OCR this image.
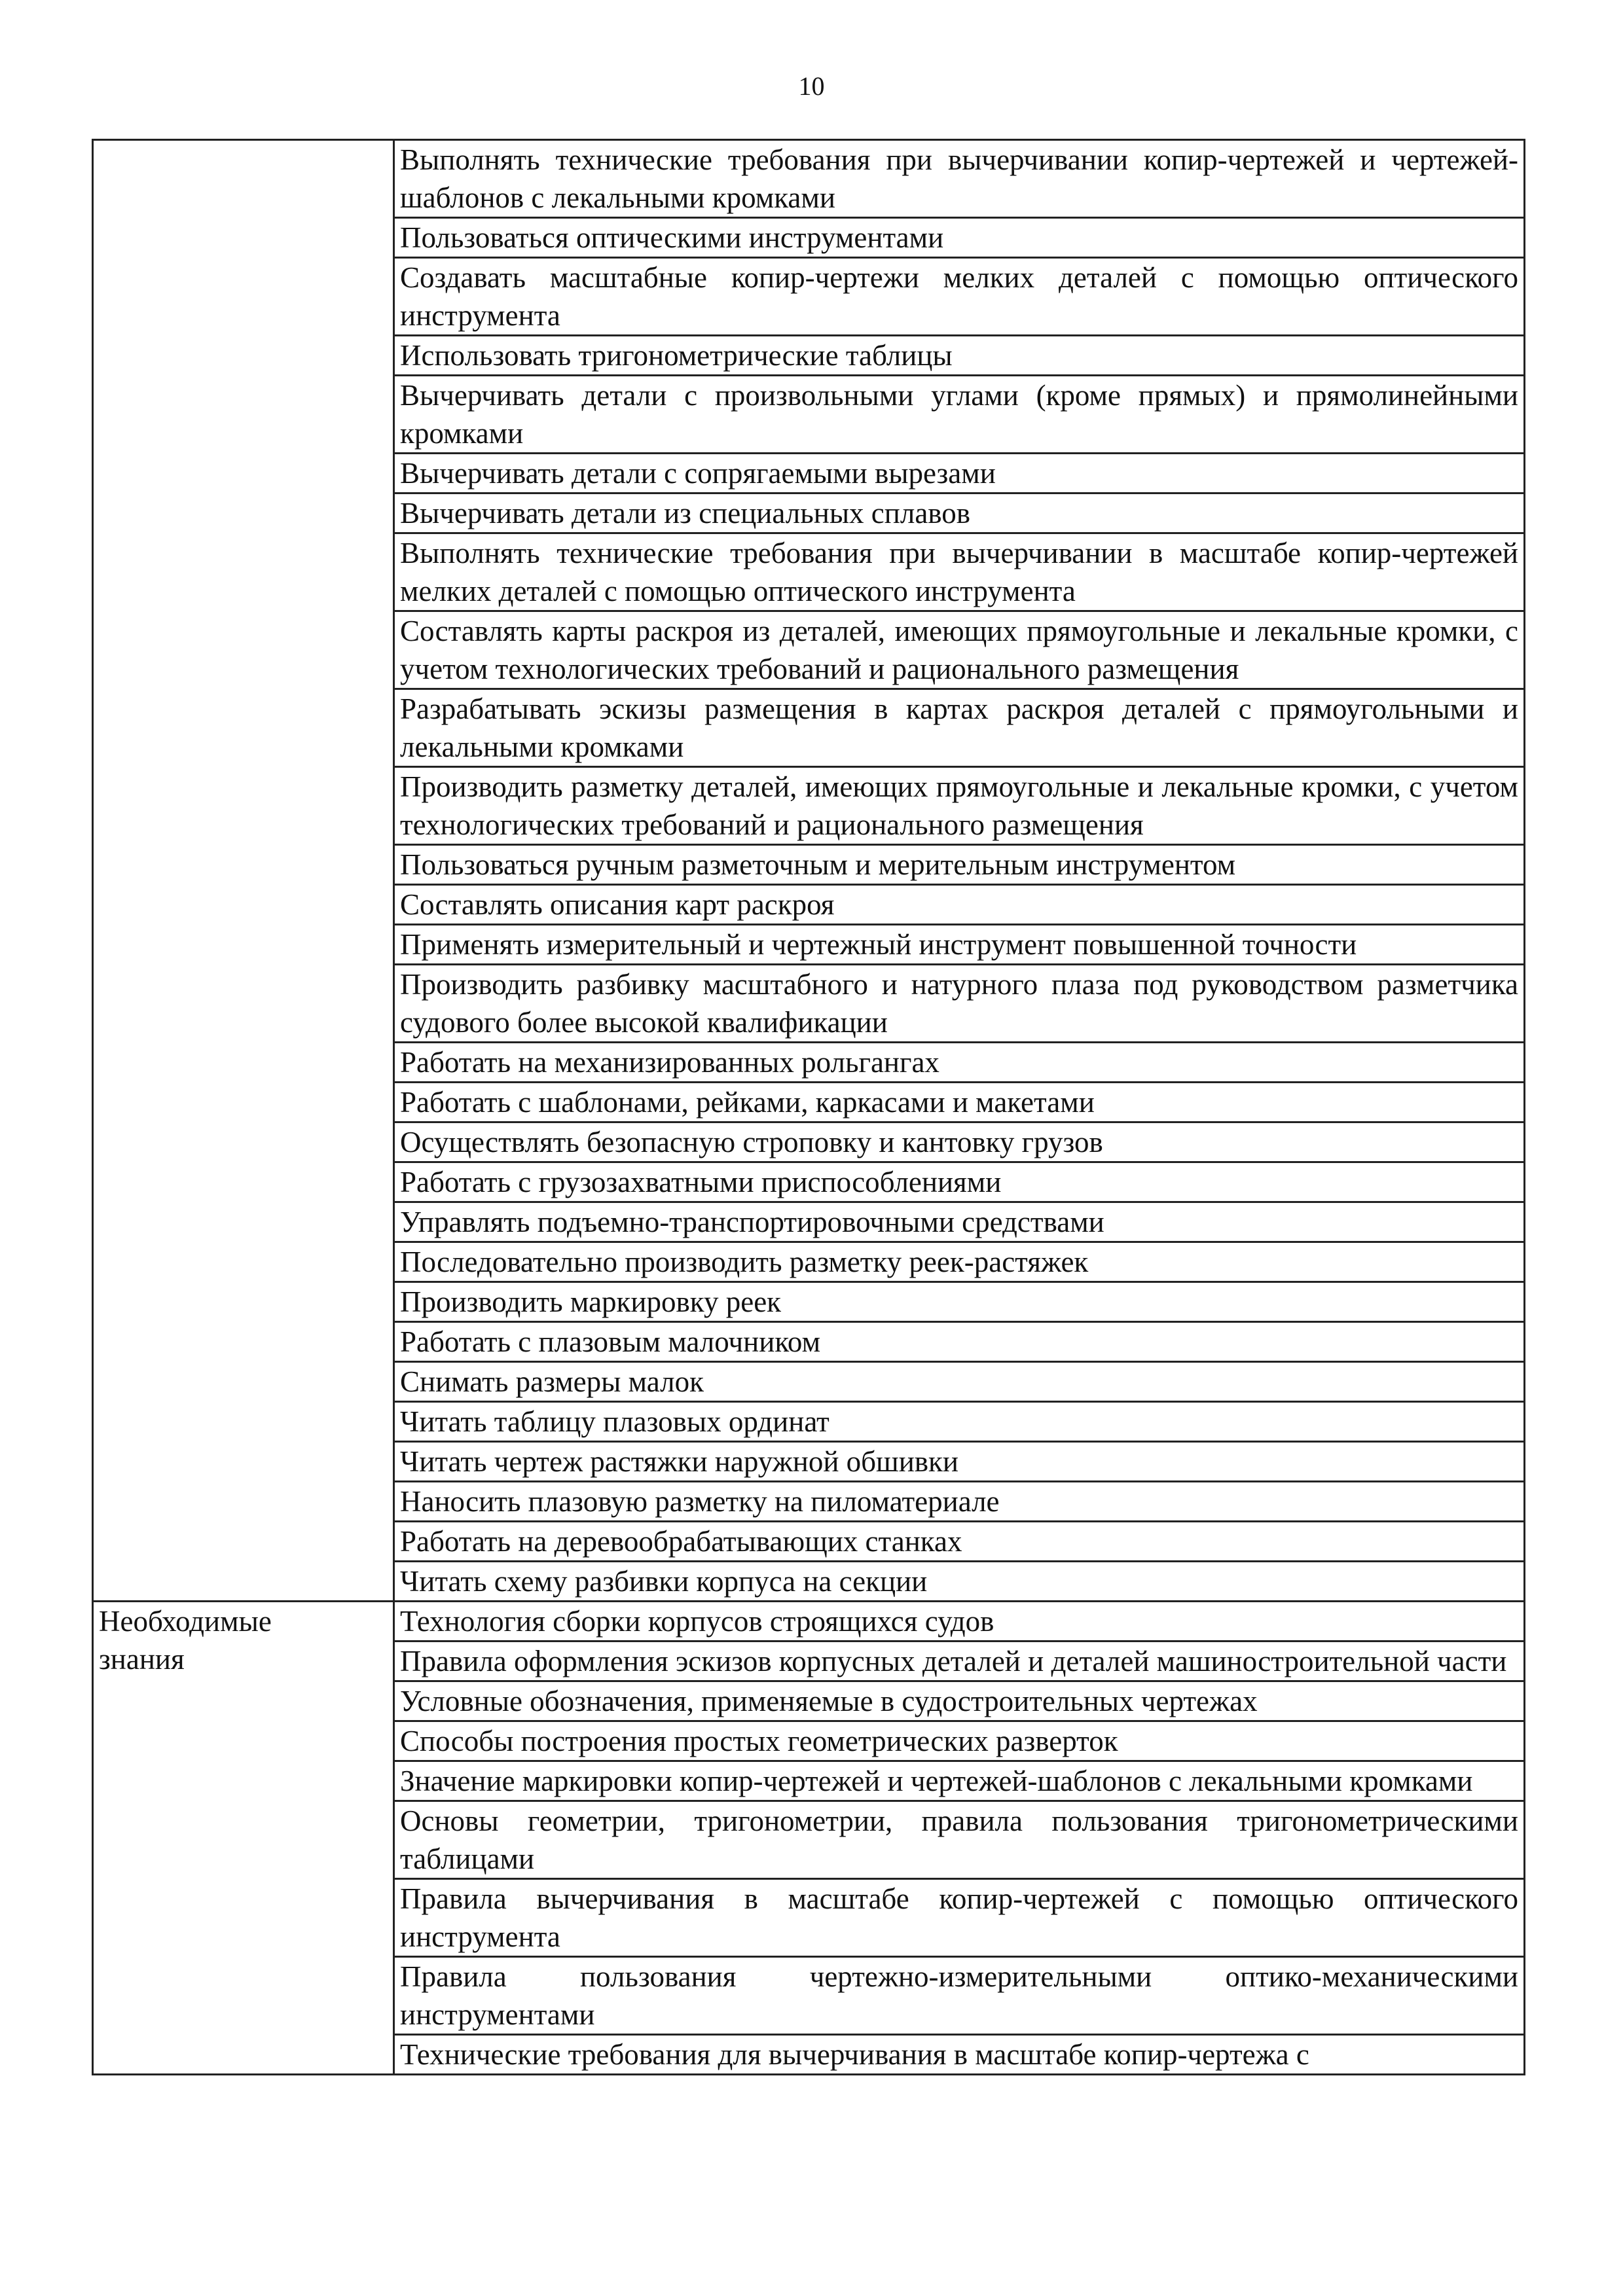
10
	Выполнять технические требования при вычерчивании копир-чертежей и чертежей-шаблонов с лекальными кромками
	Пользоваться оптическими инструментами
	Создавать масштабные копир-чертежи мелких деталей с помощью оптического инструмента
	Использовать тригонометрические таблицы
	Вычерчивать детали с произвольными углами (кроме прямых) и прямолинейными кромками
	Вычерчивать детали с сопрягаемыми вырезами
	Вычерчивать детали из специальных сплавов
	Выполнять технические требования при вычерчивании в масштабе копир-чертежей мелких деталей с помощью оптического инструмента
	Составлять карты раскроя из деталей, имеющих прямоугольные и лекальные кромки, с учетом технологических требований и рационального размещения
	Разрабатывать эскизы размещения в картах раскроя деталей с прямоугольными и лекальными кромками
	Производить разметку деталей, имеющих прямоугольные и лекальные кромки, с учетом технологических требований и рационального размещения
	Пользоваться ручным разметочным и мерительным инструментом
	Составлять описания карт раскроя
	Применять измерительный и чертежный инструмент повышенной точности
	Производить разбивку масштабного и натурного плаза под руководством разметчика судового более высокой квалификации
	Работать на механизированных рольгангах
	Работать с шаблонами, рейками, каркасами и макетами
	Осуществлять безопасную строповку и кантовку грузов
	Работать с грузозахватными приспособлениями
	Управлять подъемно-транспортировочными средствами
	Последовательно производить разметку реек-растяжек
	Производить маркировку реек
	Работать с плазовым малочником
	Снимать размеры малок
	Читать таблицу плазовых ординат
	Читать чертеж растяжки наружной обшивки
	Наносить плазовую разметку на пиломатериале
	Работать на деревообрабатывающих станках
	Читать схему разбивки корпуса на секции

Необходимые
знания	Технология сборки корпусов строящихся судов
	Правила оформления эскизов корпусных деталей и деталей машиностроительной части
	Условные обозначения, применяемые в судостроительных чертежах
	Способы построения простых геометрических разверток
	Значение маркировки копир-чертежей и чертежей-шаблонов с лекальными кромками
	Основы геометрии, тригонометрии, правила пользования тригонометрическими таблицами
	Правила вычерчивания в масштабе копир-чертежей с помощью оптического инструмента
	Правила пользования чертежно-измерительными оптико-механическими инструментами
	Технические требования для вычерчивания в масштабе копир-чертежа с
